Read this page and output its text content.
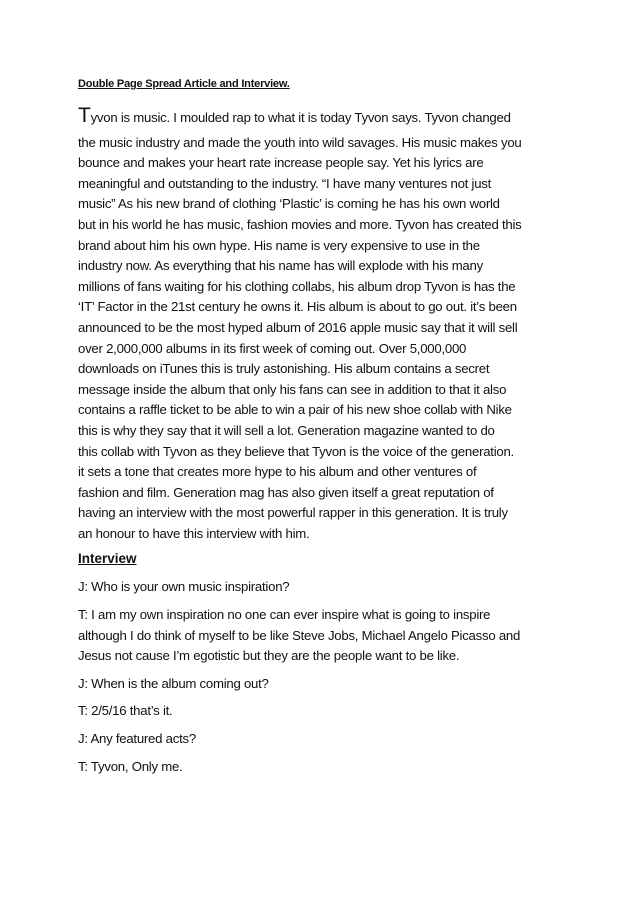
Double Page Spread Article and Interview.
Tyvon is music. I moulded rap to what it is today Tyvon says. Tyvon changed
the music industry and made the youth into wild savages. His music makes you
bounce and makes your heart rate increase people say. Yet his lyrics are
meaningful and outstanding to the industry. “I have many ventures not just
music” As his new brand of clothing ‘Plastic’ is coming he has his own world
but in his world he has music, fashion movies and more. Tyvon has created this
brand about him his own hype. His name is very expensive to use in the
industry now. As everything that his name has will explode with his many
millions of fans waiting for his clothing collabs, his album drop Tyvon is has the
‘IT’ Factor in the 21st century he owns it. His album is about to go out. it’s been
announced to be the most hyped album of 2016 apple music say that it will sell
over 2,000,000 albums in its first week of coming out. Over 5,000,000
downloads on iTunes this is truly astonishing. His album contains a secret
message inside the album that only his fans can see in addition to that it also
contains a raffle ticket to be able to win a pair of his new shoe collab with Nike
this is why they say that it will sell a lot. Generation magazine wanted to do
this collab with Tyvon as they believe that Tyvon is the voice of the generation.
it sets a tone that creates more hype to his album and other ventures of
fashion and film. Generation mag has also given itself a great reputation of
having an interview with the most powerful rapper in this generation. It is truly
an honour to have this interview with him.
Interview
J: Who is your own music inspiration?
T: I am my own inspiration no one can ever inspire what is going to inspire
although I do think of myself to be like Steve Jobs, Michael Angelo Picasso and
Jesus not cause I’m egotistic but they are the people want to be like.
J: When is the album coming out?
T: 2/5/16 that’s it.
J: Any featured acts?
T: Tyvon, Only me.
